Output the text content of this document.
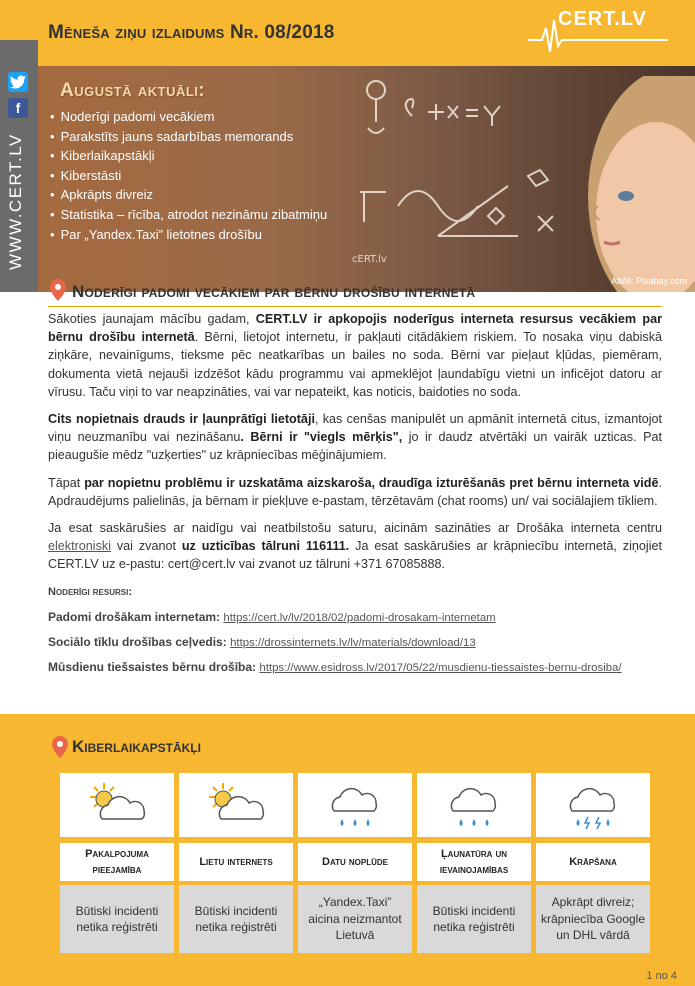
Mēneša ziņu izlaidums Nr. 08/2018
CERT.LV
f
WWW.CERT.LV	cERT.lv
Augustā aktuāli:
• Noderīgi padomi vecākiem
• Parakstīts jauns sadarbības memorands
• Kiberlaikapstākļi
• Kiberstāsti
• Apkrāpts divreiz
• Statistika – rīcība, atrodot nezināmu zibatmiņu
• Par „Yandex.Taxi” lietotnes drošību
Attēli: Pixabay.com
Noderīgi padomi vecākiem par bērnu drošību internetā

Sākoties jaunajam mācību gadam, CERT.LV ir apkopojis noderīgus interneta resursus vecākiem par bērnu drošību internetā. Bērni, lietojot internetu, ir pakļauti citādākiem riskiem. To nosaka viņu dabiskā ziņkāre, nevainīgums, tieksme pēc neatkarības un bailes no soda. Bērni var pieļaut kļūdas, piemēram, dokumenta vietā nejauši izdzēšot kādu programmu vai apmeklējot ļaundabīgu vietni un inficējot datoru ar vīrusu. Taču viņi to var neapzināties, vai var nepateikt, kas noticis, baidoties no soda.

Cits nopietnais drauds ir ļaunprātīgi lietotāji, kas cenšas manipulēt un apmānīt internetā citus, izmantojot viņu neuzmanību vai nezināšanu. Bērni ir "viegls mērķis", jo ir daudz atvērtāki un vairāk uzticas. Pat pieaugušie mēdz "uzķerties" uz krāpniecības mēģinājumiem.

Tāpat par nopietnu problēmu ir uzskatāma aizskaroša, draudīga izturēšanās pret bērnu interneta vidē. Apdraudējums palielinās, ja bērnam ir piekļuve e-pastam, tērzētavām (chat rooms) un/ vai sociālajiem tīkliem.

Ja esat saskārušies ar naidīgu vai neatbilstošu saturu, aicinām sazināties ar Drošāka interneta centru elektroniski vai zvanot uz uzticības tālruni 116111. Ja esat saskārušies ar krāpniecību internetā, ziņojiet CERT.LV uz e-pastu: cert@cert.lv vai zvanot uz tālruni +371 67085888.

Noderīgi resursi:

Padomi drošākam internetam: https://cert.lv/lv/2018/02/padomi-drosakam-internetam

Sociālo tīklu drošības ceļvedis: https://drossinternets.lv/lv/materials/download/13

Mūsdienu tiešsaistes bērnu drošība: https://www.esidross.lv/2017/05/22/musdienu-tiessaistes-bernu-drosiba/

Kiberlaikapstākļi
Pakalpojuma pieejamība
Būtiski incidenti netika reģistrēti
Lietu internets
Būtiski incidenti netika reģistrēti
Datu noplūde
„Yandex.Taxi” aicina neizmantot Lietuvā
Ļaunatūra un ievainojamības
Būtiski incidenti netika reģistrēti
Krāpšana
Apkrāpt divreiz; krāpniecība Google un DHL vārdā
1 no 4
